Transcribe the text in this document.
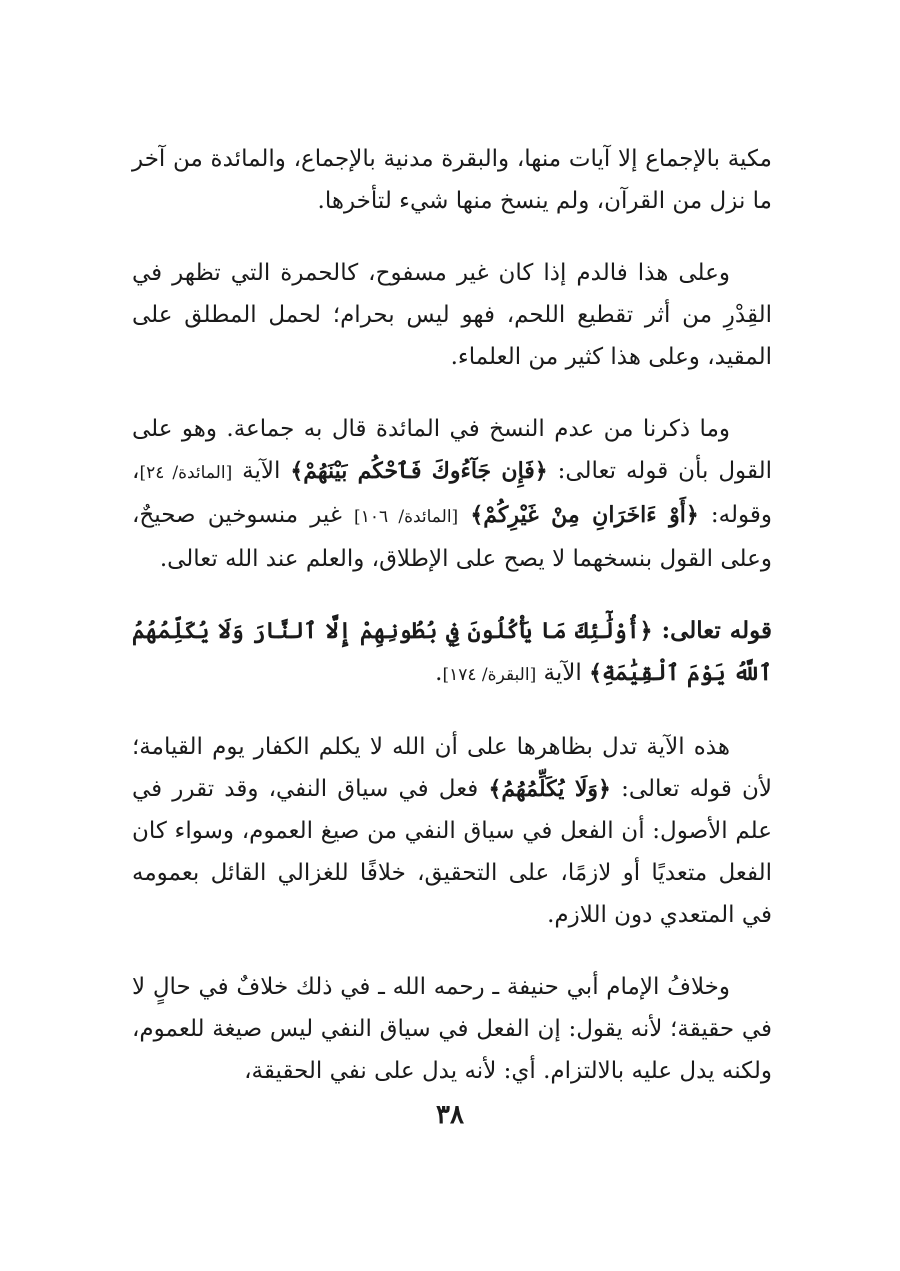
مكية بالإجماع إلا آيات منها، والبقرة مدنية بالإجماع، والمائدة من آخر ما نزل من القرآن، ولم ينسخ منها شيء لتأخرها.

وعلى هذا فالدم إذا كان غير مسفوح، كالحمرة التي تظهر في القِدْرِ من أثر تقطيع اللحم، فهو ليس بحرام؛ لحمل المطلق على المقيد، وعلى هذا كثير من العلماء.

وما ذكرنا من عدم النسخ في المائدة قال به جماعة. وهو على القول بأن قوله تعالى: ﴿فَإِن جَآءُوكَ فَٱحْكُم بَيْنَهُمْ﴾ الآية [المائدة/ ٢٤]، وقوله: ﴿أَوْ ءَاخَرَانِ مِنْ غَيْرِكُمْ﴾ [المائدة/ ١٠٦] غير منسوخين صحيحٌ، وعلى القول بنسخهما لا يصح على الإطلاق، والعلم عند الله تعالى.

قوله تعالى: ﴿أُوْلَٰٓئِكَ مَا يَأْكُلُونَ فِي بُطُونِهِمْ إِلَّا ٱلنَّارَ وَلَا يُكَلِّمُهُمُ ٱللَّهُ يَوْمَ ٱلْقِيَٰمَةِ﴾ الآية [البقرة/ ١٧٤].

هذه الآية تدل بظاهرها على أن الله لا يكلم الكفار يوم القيامة؛ لأن قوله تعالى: ﴿وَلَا يُكَلِّمُهُمُ﴾ فعل في سياق النفي، وقد تقرر في علم الأصول: أن الفعل في سياق النفي من صيغ العموم، وسواء كان الفعل متعديًا أو لازمًا، على التحقيق، خلافًا للغزالي القائل بعمومه في المتعدي دون اللازم.

وخلافُ الإمام أبي حنيفة ـ رحمه الله ـ في ذلك خلافٌ في حالٍ لا في حقيقة؛ لأنه يقول: إن الفعل في سياق النفي ليس صيغة للعموم، ولكنه يدل عليه بالالتزام. أي: لأنه يدل على نفي الحقيقة،

٣٨
